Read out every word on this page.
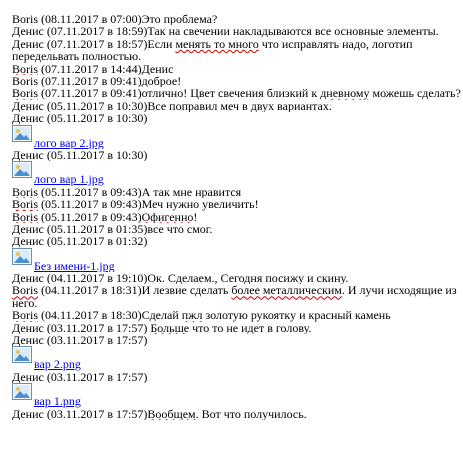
Boris (08.11.2017 в 07:00)Это проблема?
Денис (07.11.2017 в 18:59)Так на свечении накладываются все основные элементы.
Денис (07.11.2017 в 18:57)Если менять то много что исправлять надо, логотип передельвать полностью.
Boris (07.11.2017 в 14:44)Денис
Boris (07.11.2017 в 09:41)доброе!
Boris (07.11.2017 в 09:41)отлично! Цвет свечения близкий к дневному можешь сделать?
Денис (05.11.2017 в 10:30)Все поправил меч в двух вариантах.
Денис (05.11.2017 в 10:30)
лого вар 2.jpg
Денис (05.11.2017 в 10:30)
лого вар 1.jpg
Boris (05.11.2017 в 09:43)А так мне нравится
Boris (05.11.2017 в 09:43)Меч нужно увеличить!
Boris (05.11.2017 в 09:43)Офигенно!
Денис (05.11.2017 в 01:35)все что смог.
Денис (05.11.2017 в 01:32)
Без имени-1.jpg
Денис (04.11.2017 в 19:10)Ок. Сделаем., Сегодня посижу и скину.
Boris (04.11.2017 в 18:31)И лезвие сделать более металлическим. И лучи исходящие из него.
Boris (04.11.2017 в 18:30)Сделай пжл золотую рукоятку и красный камень
Денис (03.11.2017 в 17:57) Больше что то не идет в голову.
Денис (03.11.2017 в 17:57)
вар 2.png
Денис (03.11.2017 в 17:57)
вар 1.png
Денис (03.11.2017 в 17:57)Вообщем. Вот что получилось.
